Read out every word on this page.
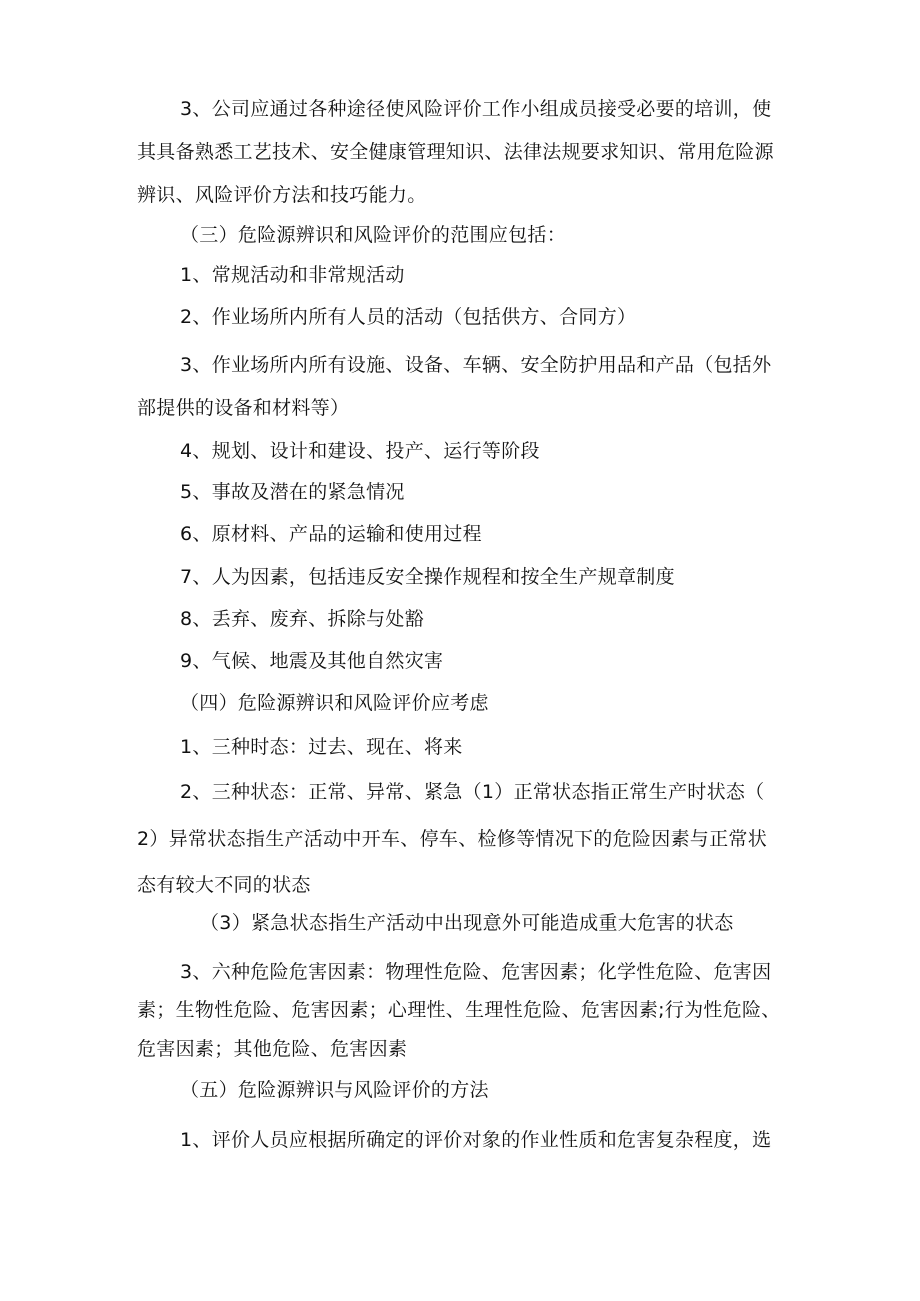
3、公司应通过各种途径使风险评价工作小组成员接受必要的培训，使
其具备熟悉工艺技术、安全健康管理知识、法律法规要求知识、常用危险源
辨识、风险评价方法和技巧能力。
（三）危险源辨识和风险评价的范围应包括：
1、常规活动和非常规活动
2、作业场所内所有人员的活动（包括供方、合同方）
3、作业场所内所有设施、设备、车辆、安全防护用品和产品（包括外
部提供的设备和材料等）
4、规划、设计和建设、投产、运行等阶段
5、事故及潜在的紧急情况
6、原材料、产品的运输和使用过程
7、人为因素，包括违反安全操作规程和按全生产规章制度
8、丢弃、废弃、拆除与处豁
9、气候、地震及其他自然灾害
（四）危险源辨识和风险评价应考虑
1、三种时态：过去、现在、将来
2、三种状态：正常、异常、紧急（1）正常状态指正常生产时状态（
2）异常状态指生产活动中开车、停车、检修等情况下的危险因素与正常状
态有较大不同的状态
（3）紧急状态指生产活动中出现意外可能造成重大危害的状态
3、六种危险危害因素：物理性危险、危害因素；化学性危险、危害因
素；生物性危险、危害因素；心理性、生理性危险、危害因素;行为性危险、
危害因素；其他危险、危害因素
（五）危险源辨识与风险评价的方法
1、评价人员应根据所确定的评价对象的作业性质和危害复杂程度，选
